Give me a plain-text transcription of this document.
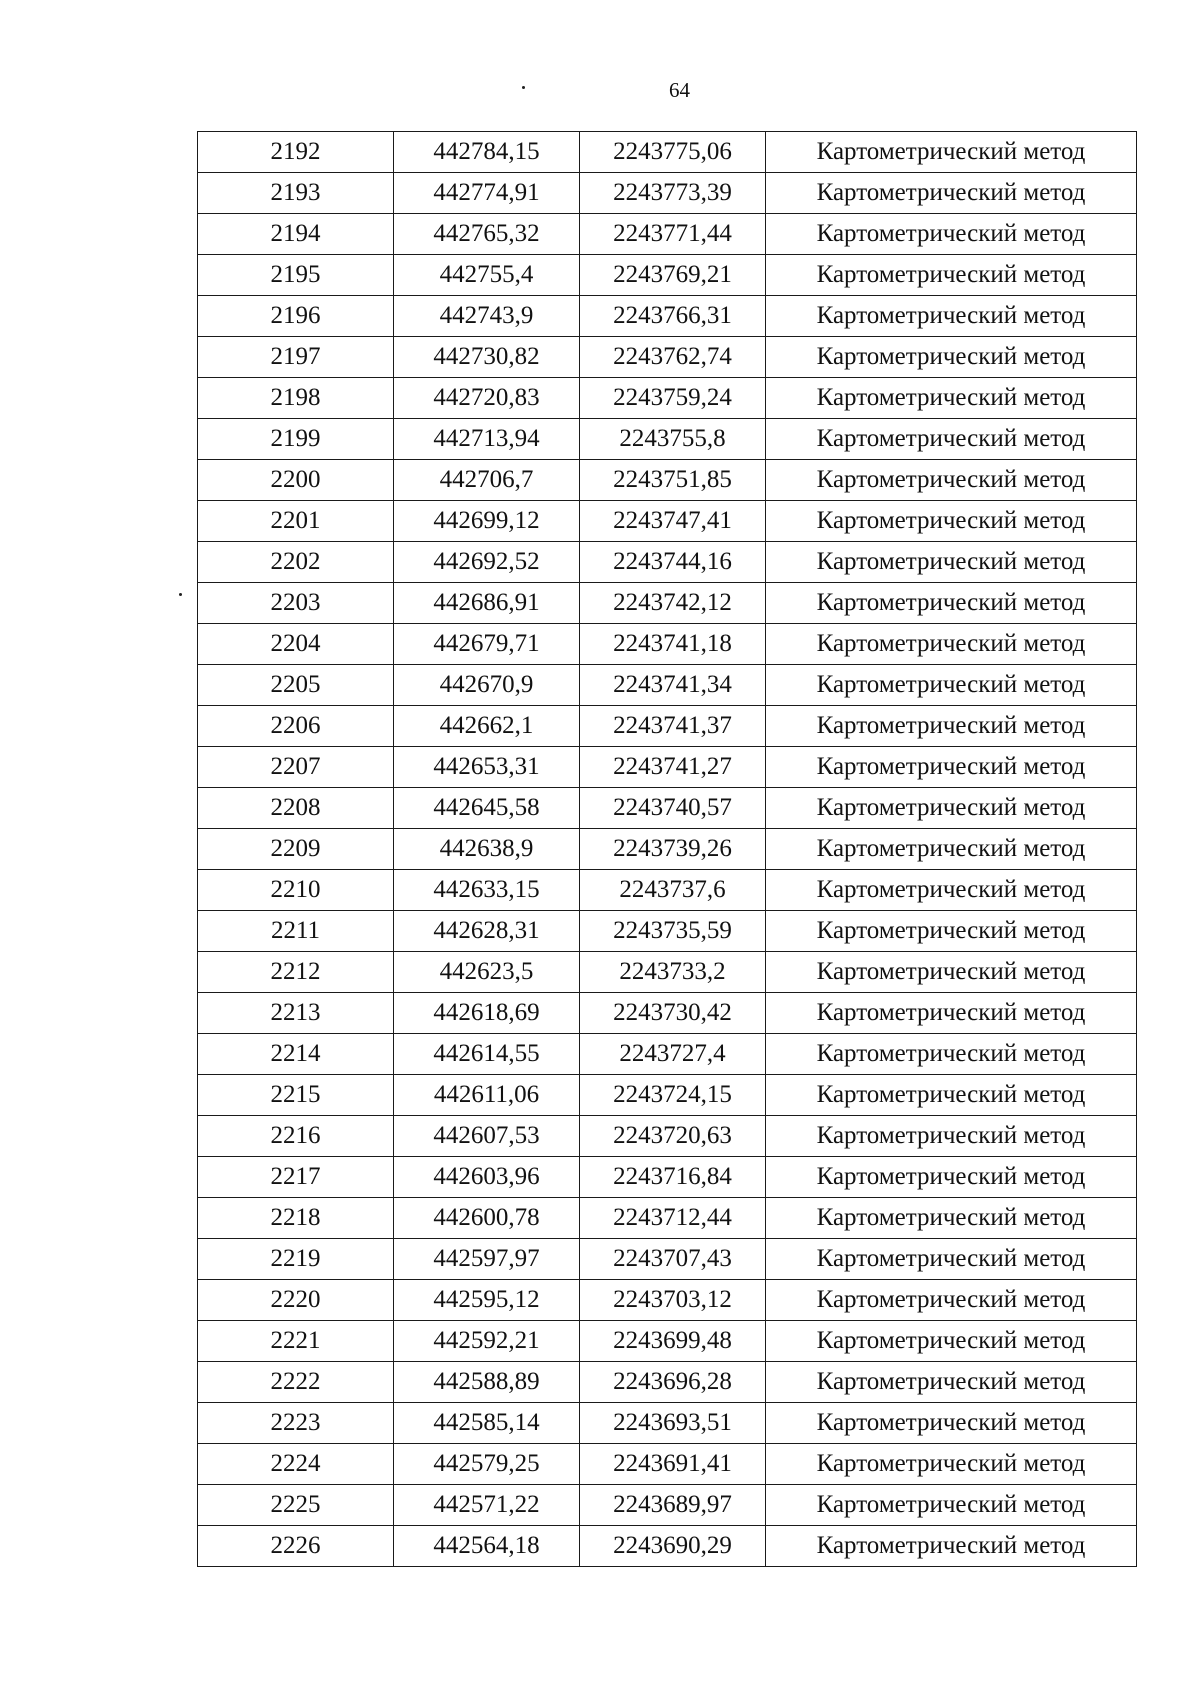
64
2192	442784,15	2243775,06	Картометрический метод
2193	442774,91	2243773,39	Картометрический метод
2194	442765,32	2243771,44	Картометрический метод
2195	442755,4	2243769,21	Картометрический метод
2196	442743,9	2243766,31	Картометрический метод
2197	442730,82	2243762,74	Картометрический метод
2198	442720,83	2243759,24	Картометрический метод
2199	442713,94	2243755,8	Картометрический метод
2200	442706,7	2243751,85	Картометрический метод
2201	442699,12	2243747,41	Картометрический метод
2202	442692,52	2243744,16	Картометрический метод
2203	442686,91	2243742,12	Картометрический метод
2204	442679,71	2243741,18	Картометрический метод
2205	442670,9	2243741,34	Картометрический метод
2206	442662,1	2243741,37	Картометрический метод
2207	442653,31	2243741,27	Картометрический метод
2208	442645,58	2243740,57	Картометрический метод
2209	442638,9	2243739,26	Картометрический метод
2210	442633,15	2243737,6	Картометрический метод
2211	442628,31	2243735,59	Картометрический метод
2212	442623,5	2243733,2	Картометрический метод
2213	442618,69	2243730,42	Картометрический метод
2214	442614,55	2243727,4	Картометрический метод
2215	442611,06	2243724,15	Картометрический метод
2216	442607,53	2243720,63	Картометрический метод
2217	442603,96	2243716,84	Картометрический метод
2218	442600,78	2243712,44	Картометрический метод
2219	442597,97	2243707,43	Картометрический метод
2220	442595,12	2243703,12	Картометрический метод
2221	442592,21	2243699,48	Картометрический метод
2222	442588,89	2243696,28	Картометрический метод
2223	442585,14	2243693,51	Картометрический метод
2224	442579,25	2243691,41	Картометрический метод
2225	442571,22	2243689,97	Картометрический метод
2226	442564,18	2243690,29	Картометрический метод
